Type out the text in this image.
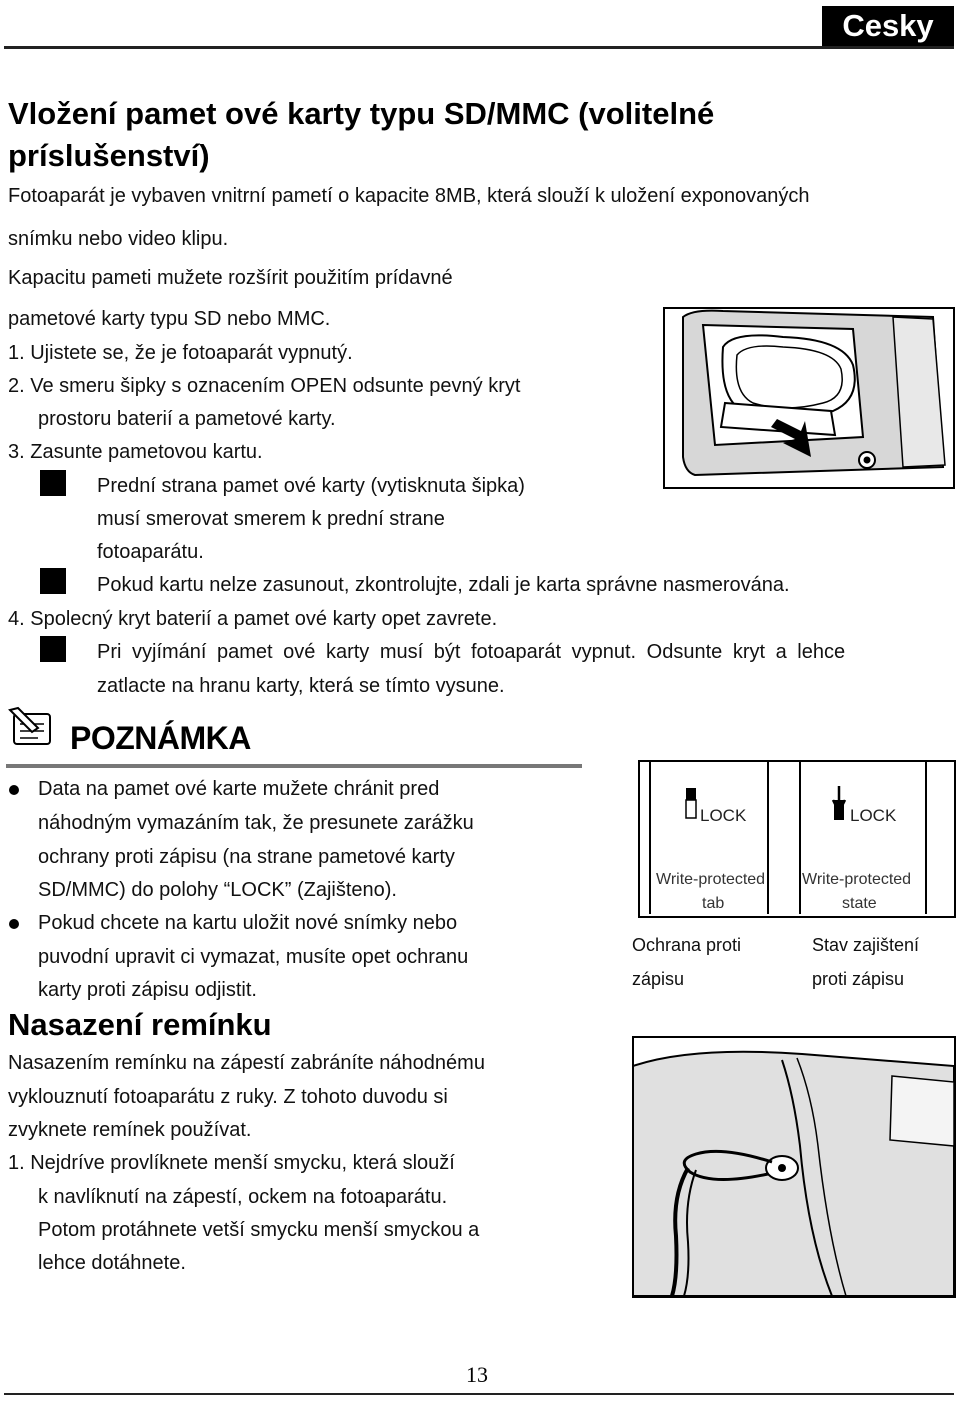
Cesky
Vložení pamet ové karty typu SD/MMC (volitelné
príslušenství)
Fotoaparát je vybaven vnitrní pametí o kapacite 8MB, která slouží k uložení exponovaných
snímku nebo video klipu.
Kapacitu pameti mužete rozšírit použitím prídavné
pametové karty typu SD nebo MMC.
1. Ujistete se, že je fotoaparát vypnutý.
2. Ve smeru šipky s oznacením OPEN odsunte pevný kryt
prostoru baterií a pametové karty.
3. Zasunte pametovou kartu.
Prední strana pamet ové karty (vytisknuta šipka)
musí smerovat smerem k prední strane
fotoaparátu.
Pokud kartu nelze zasunout, zkontrolujte, zdali je karta správne nasmerována.
4. Spolecný kryt baterií a pamet ové karty opet zavrete.
Pri vyjímání pamet ové karty musí být fotoaparát vypnut. Odsunte kryt a lehce
zatlacte na hranu karty, která se tímto vysune.
POZNÁMKA
Data na pamet ové karte mužete chránit pred
náhodným vymazáním tak, že presunete zarážku
ochrany proti zápisu (na strane pametové karty
SD/MMC) do polohy “LOCK” (Zajišteno).
Pokud chcete na kartu uložit nové snímky nebo
puvodní upravit ci vymazat, musíte opet ochranu
karty proti zápisu odjistit.
LOCK
Write-protected
tab
LOCK
Write-protected
state
Ochrana proti
zápisu
Stav zajištení
proti zápisu
Nasazení remínku
Nasazením remínku na zápestí zabráníte náhodnému
vyklouznutí fotoaparátu z ruky. Z tohoto duvodu si
zvyknete remínek používat.
1. Nejdríve provlíknete menší smycku, která slouží
k navlíknutí na zápestí, ockem na fotoaparátu.
Potom protáhnete vetší smycku menší smyckou a
lehce dotáhnete.
13
